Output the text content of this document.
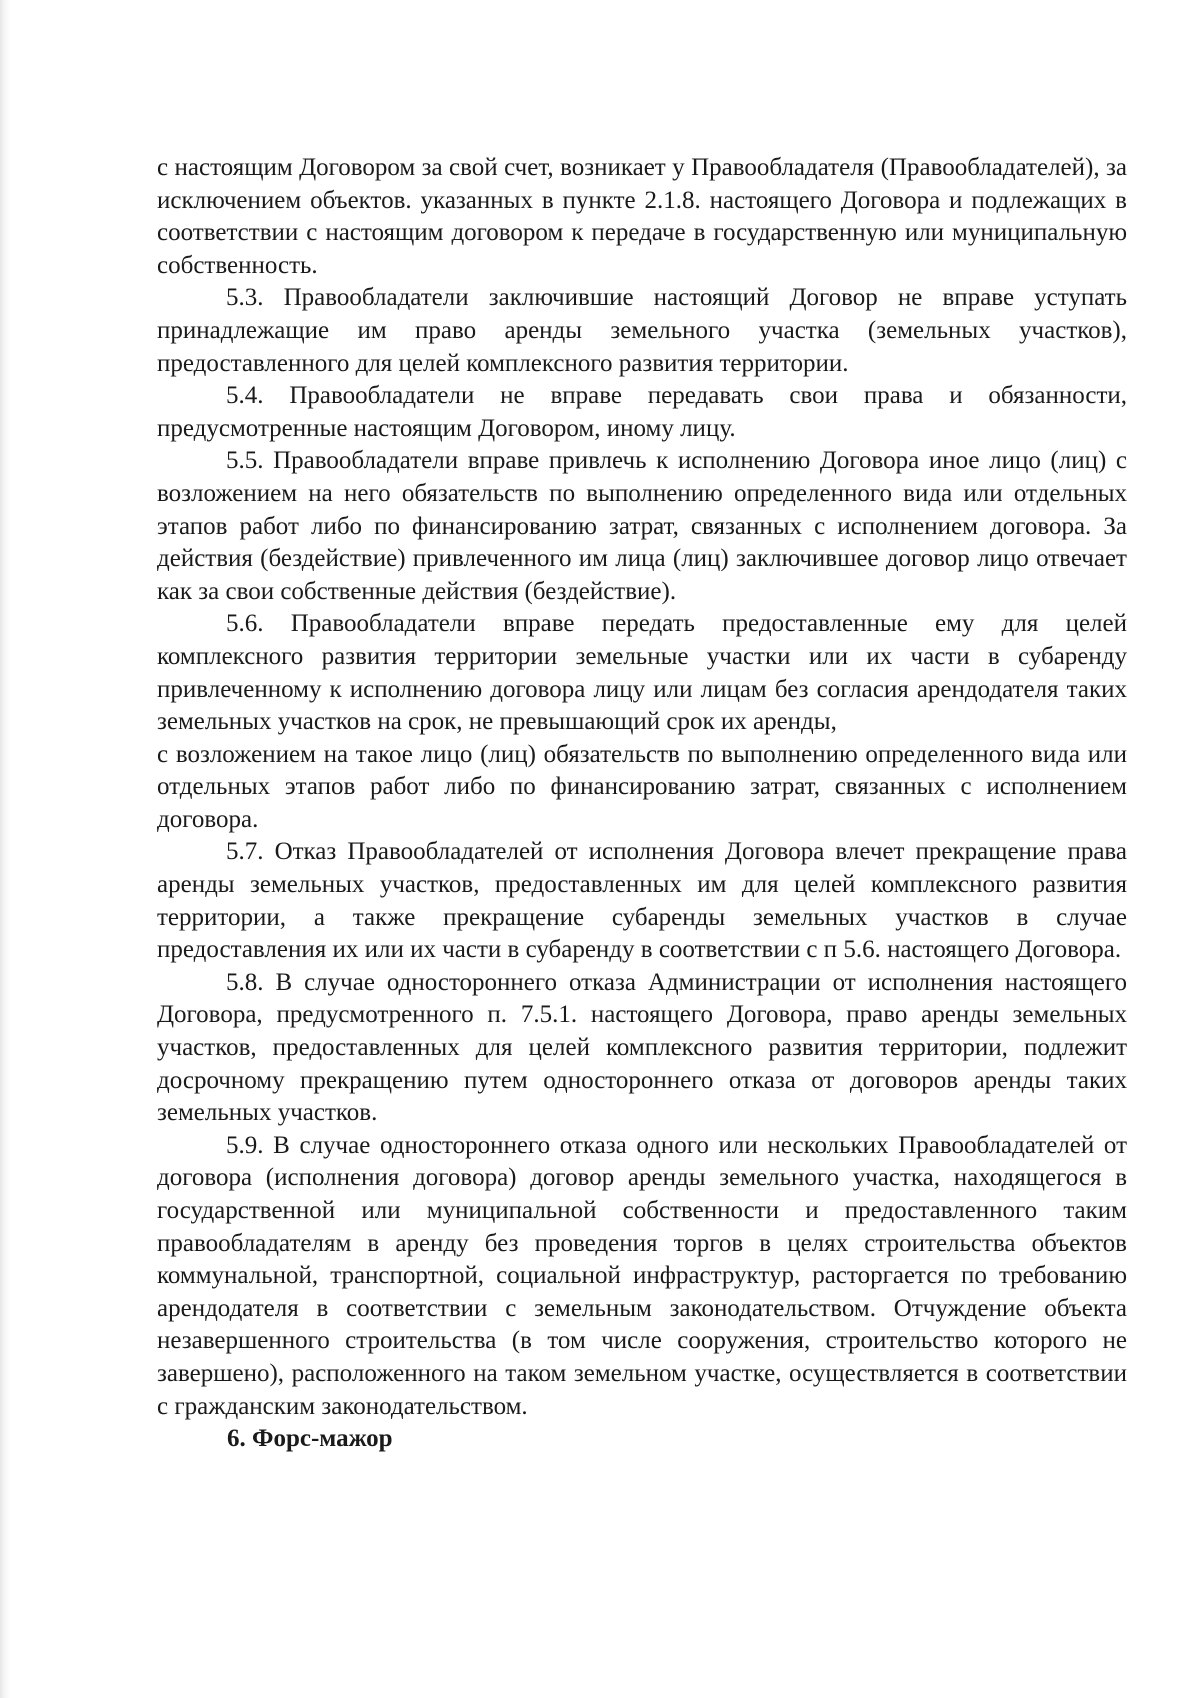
с настоящим Договором за свой счет, возникает у Правообладателя (Правообладателей), за исключением объектов. указанных в пункте 2.1.8. настоящего Договора и подлежащих в соответствии с настоящим договором к передаче в государственную или муниципальную собственность.

5.3. Правообладатели заключившие настоящий Договор не вправе уступать принадлежащие им право аренды земельного участка (земельных участков), предоставленного для целей комплексного развития территории.

5.4. Правообладатели не вправе передавать свои права и обязанности, предусмотренные настоящим Договором, иному лицу.

5.5. Правообладатели вправе привлечь к исполнению Договора иное лицо (лиц) с возложением на него обязательств по выполнению определенного вида или отдельных этапов работ либо по финансированию затрат, связанных с исполнением договора. За действия (бездействие) привлеченного им лица (лиц) заключившее договор лицо отвечает как за свои собственные действия (бездействие).

5.6. Правообладатели вправе передать предоставленные ему для целей комплексного развития территории земельные участки или их части в субаренду привлеченному к исполнению договора лицу или лицам без согласия арендодателя таких земельных участков на срок, не превышающий срок их аренды,

с возложением на такое лицо (лиц) обязательств по выполнению определенного вида или отдельных этапов работ либо по финансированию затрат, связанных с исполнением договора.

5.7. Отказ Правообладателей от исполнения Договора влечет прекращение права аренды земельных участков, предоставленных им для целей комплексного развития территории, а также прекращение субаренды земельных участков в случае предоставления их или их части в субаренду в соответствии с п 5.6. настоящего Договора.

5.8. В случае одностороннего отказа Администрации от исполнения настоящего Договора, предусмотренного п. 7.5.1. настоящего Договора, право аренды земельных участков, предоставленных для целей комплексного развития территории, подлежит досрочному прекращению путем одностороннего отказа от договоров аренды таких земельных участков.

5.9. В случае одностороннего отказа одного или нескольких Правообладателей от договора (исполнения договора) договор аренды земельного участка, находящегося в государственной или муниципальной собственности и предоставленного таким правообладателям в аренду без проведения торгов в целях строительства объектов коммунальной, транспортной, социальной инфраструктур, расторгается по требованию арендодателя в соответствии с земельным законодательством. Отчуждение объекта незавершенного строительства (в том числе сооружения, строительство которого не завершено), расположенного на таком земельном участке, осуществляется в соответствии с гражданским законодательством.

6. Форс-мажор
